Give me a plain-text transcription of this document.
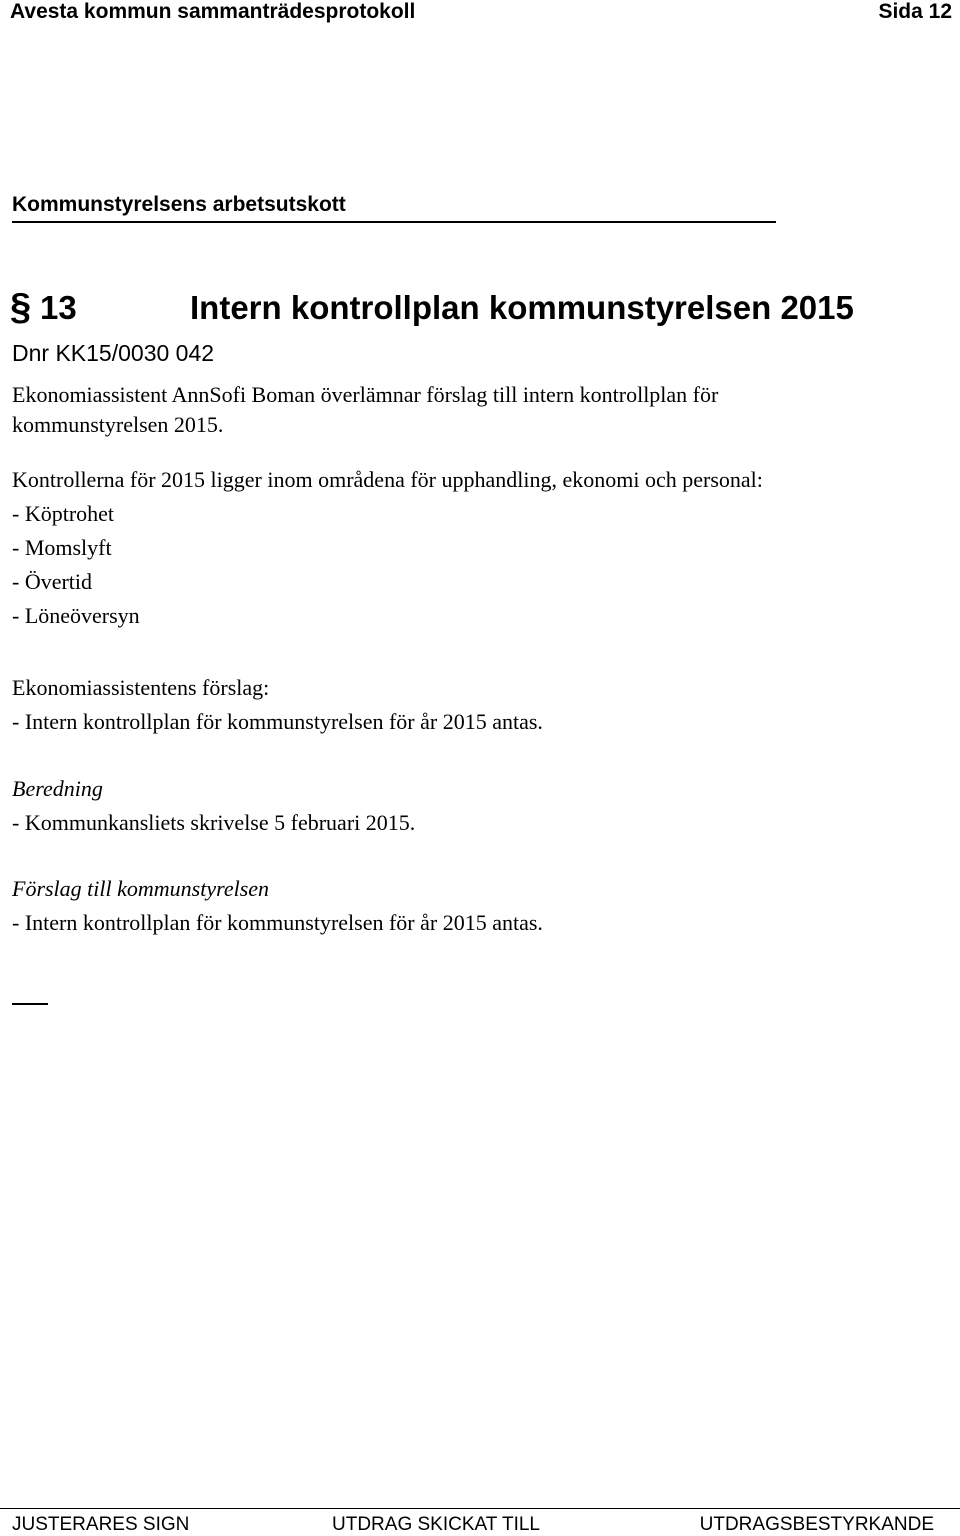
Avesta kommun sammanträdesprotokoll	Sida 12
Kommunstyrelsens arbetsutskott
§ 13	Intern kontrollplan kommunstyrelsen 2015
Dnr KK15/0030 042
Ekonomiassistent AnnSofi Boman överlämnar förslag till intern kontrollplan för
kommunstyrelsen 2015.
Kontrollerna för 2015 ligger inom områdena för upphandling, ekonomi och personal:
- Köptrohet
- Momslyft
- Övertid
- Löneöversyn
Ekonomiassistentens förslag:
- Intern kontrollplan för kommunstyrelsen för år 2015 antas.
Beredning
- Kommunkansliets skrivelse 5 februari 2015.
Förslag till kommunstyrelsen
- Intern kontrollplan för kommunstyrelsen för år 2015 antas.
JUSTERARES SIGN	UTDRAG SKICKAT TILL	UTDRAGSBESTYRKANDE
